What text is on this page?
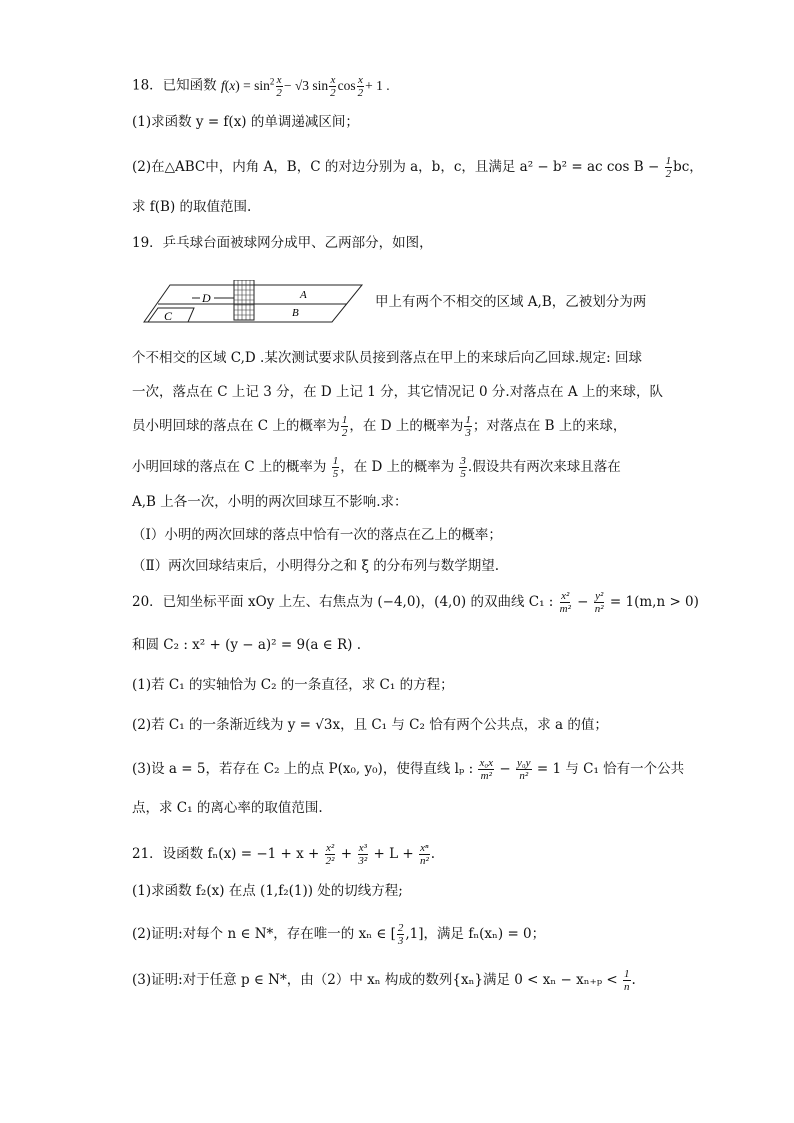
18．已知函数 $f(x) = \sin^2 \frac{x}{2} - √3$ $\sin \frac{x}{2}$ $\cos \frac{x}{2} + 1$ .
(1)求函数 y = f(x) 的单调递减区间；
(2)在△ABC中，内角 A，B，C 的对边分别为 a，b，c，且满足 a² − b² = ac $\cos B - \frac{1}{2}$ bc，
求 f(B) 的取值范围.
19．乒乓球台面被球网分成甲、乙两部分，如图，
D
C
A
B
甲上有两个不相交的区域 A,B，乙被划分为两
个不相交的区域 C,D .某次测试要求队员接到落点在甲上的来球后向乙回球.规定: 回球
一次，落点在 C 上记 3 分，在 D 上记 1 分，其它情况记 0 分.对落点在 A 上的来球，队
员小明回球的落点在 C 上的概率为 $\frac{1}{2}$ ，在 D 上的概率为 $\frac{1}{3}$ ；对落点在 B 上的来球，
小明回球的落点在 C 上的概率为 $\frac{1}{5}$ ，在 D 上的概率为 $\frac{3}{5}$ .假设共有两次来球且落在
A,B 上各一次，小明的两次回球互不影响.求：
（Ⅰ）小明的两次回球的落点中恰有一次的落点在乙上的概率；
（Ⅱ）两次回球结束后，小明得分之和 ξ 的分布列与数学期望.
20．已知坐标平面 xOy 上左、右焦点为 (−4,0)，(4,0) 的双曲线 C₁ : $\frac{\text{x²}}{\text{m²}} - \frac{\text{y²}}{\text{n²}} = 1(m,n > 0)$
和圆 C₂ : x² + (y − a)² = 9(a ∈ R) .
(1)若 C₁ 的实轴恰为 C₂ 的一条直径，求 C₁ 的方程；
(2)若 C₁ 的一条渐近线为 y = √3x，且 C₁ 与 C₂ 恰有两个公共点，求 a 的值；
(3)设 a = 5，若存在 C₂ 上的点 P(x₀, y₀)，使得直线 lₚ : $\frac{\text{x₀x}}{\text{m²}} - \frac{\text{y₀y}}{\text{n²}} = 1$ 与 C₁ 恰有一个公共
点，求 C₁ 的离心率的取值范围.
21．设函数 $f_n(x) = -1 + x + \frac{\text{x²}}{\text{2²}} + \frac{\text{x³}}{\text{3²}} + L + \frac{\text{xⁿ}}{\text{n²}}$ .
(1)求函数 f₂(x) 在点 (1,f₂(1)) 处的切线方程;
(2)证明:对每个 n ∈ N*，存在唯一的 xₙ ∈ [ $\frac{2}{3} ,1$]，满足 fₙ(xₙ) = 0；
(3)证明:对于任意 p ∈ N*，由（2）中 xₙ 构成的数列{xₙ}满足 $0 < x_n - x_{n+p} < \frac{1}{n}$ .
